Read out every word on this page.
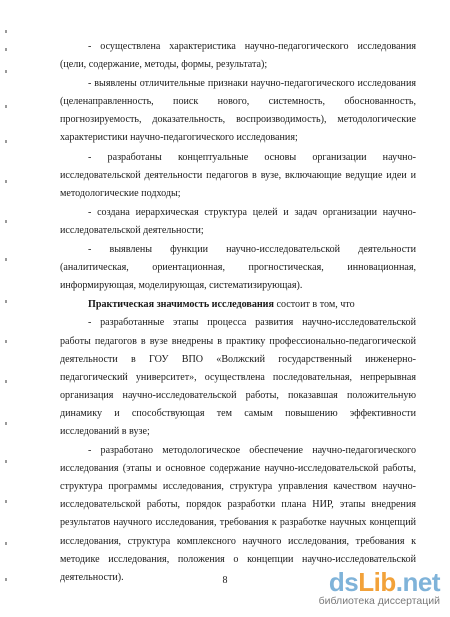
- осуществлена характеристика научно-педагогического исследования (цели, содержание, методы, формы, результата);

- выявлены отличительные признаки научно-педагогического исследования (целенаправленность, поиск нового, системность, обоснованность, прогнозируемость, доказательность, воспроизводимость), методологические характеристики научно-педагогического исследования;

- разработаны концептуальные основы организации научно-исследовательской деятельности педагогов в вузе, включающие ведущие идеи и методологические подходы;

- создана иерархическая структура целей и задач организации научно-исследовательской деятельности;

- выявлены функции научно-исследовательской деятельности (аналитическая, ориентационная, прогностическая, инновационная, информирующая, моделирующая, систематизирующая).

Практическая значимость исследования состоит в том, что

- разработанные этапы процесса развития научно-исследовательской работы педагогов в вузе внедрены в практику профессионально-педагогической деятельности в ГОУ ВПО «Волжский государственный инженерно-педагогический университет», осуществлена последовательная, непрерывная организация научно-исследовательской работы, показавшая положительную динамику и способствующая тем самым повышению эффективности исследований в вузе;

- разработано методологическое обеспечение научно-педагогического исследования (этапы и основное содержание научно-исследовательской работы, структура программы исследования, структура управления качеством научно-исследовательской работы, порядок разработки плана НИР, этапы внедрения результатов научного исследования, требования к разработке научных концепций исследования, структура комплексного научного исследования, требования к методике исследования, положения о концепции научно-исследовательской деятельности).	8	dsLib.net
библиотека диссертаций
